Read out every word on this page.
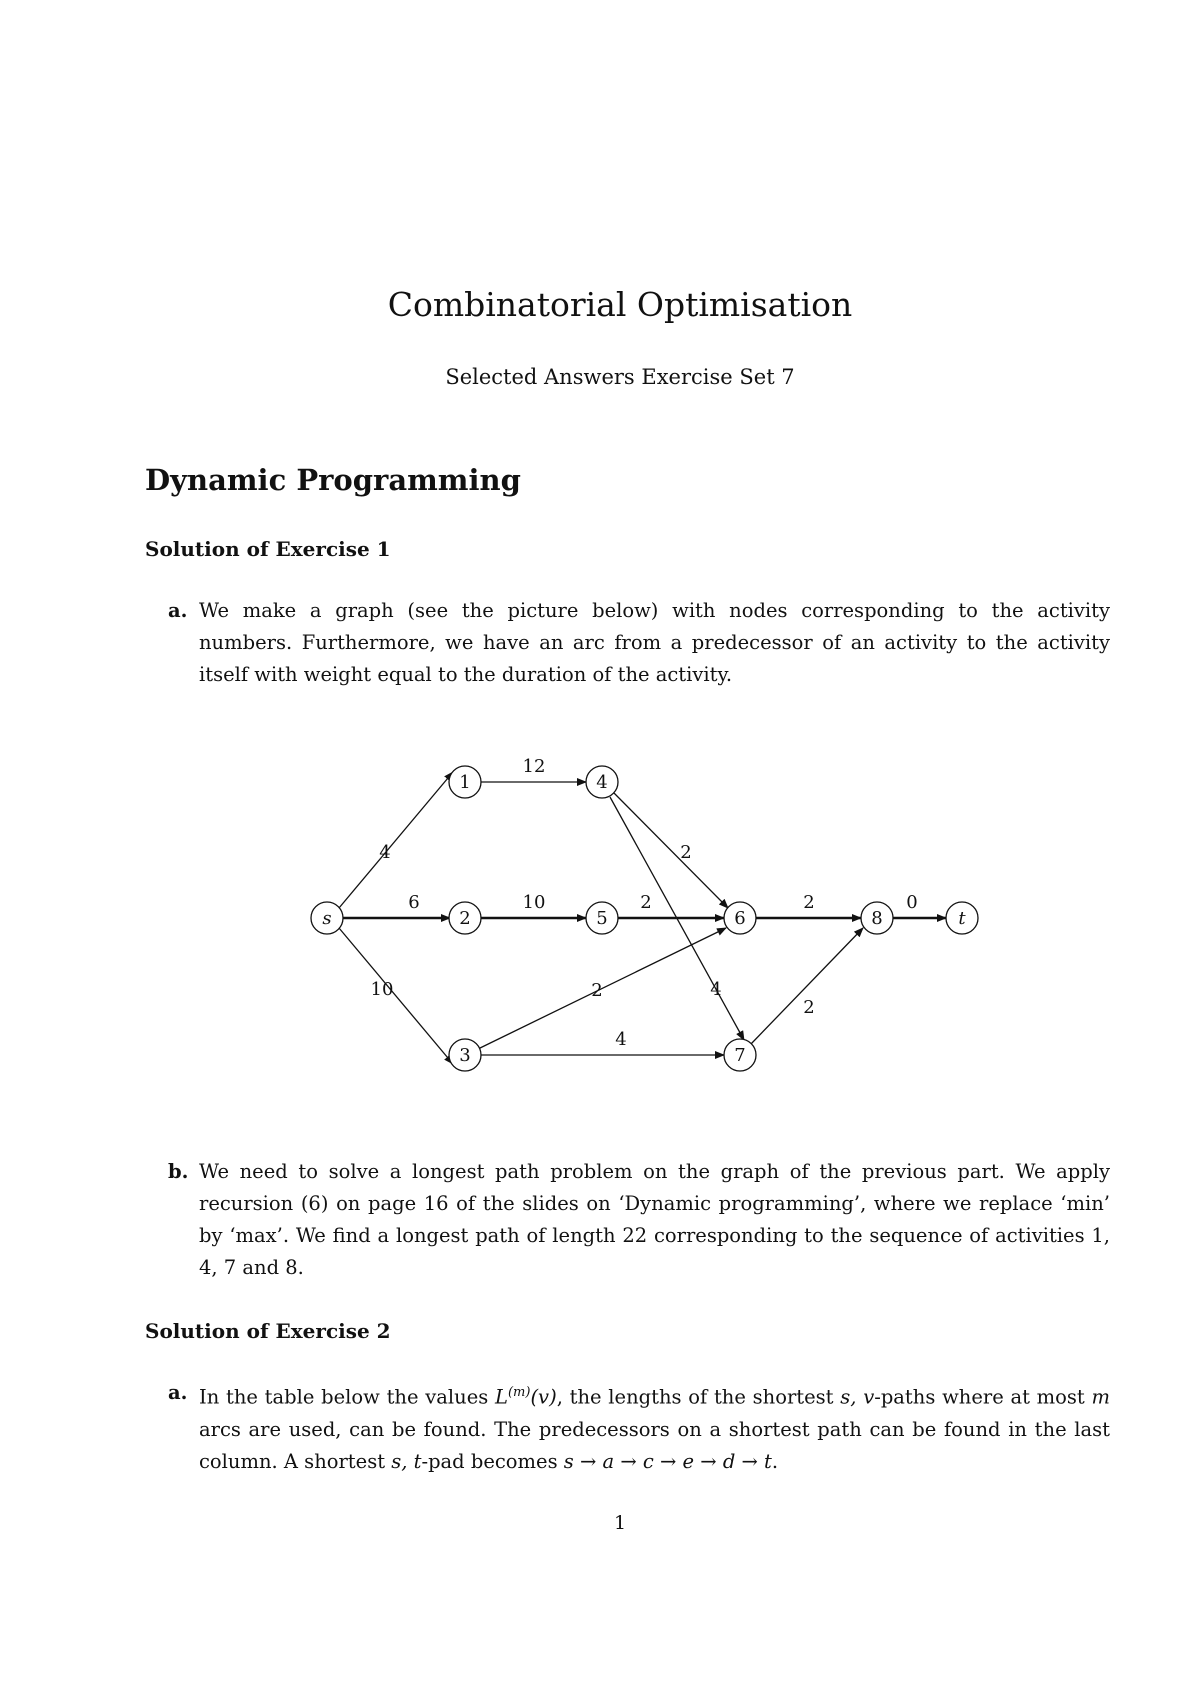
Combinatorial Optimisation
Selected Answers Exercise Set 7
Dynamic Programming
Solution of Exercise 1
a. We make a graph (see the picture below) with nodes corresponding to the activity numbers. Furthermore, we have an arc from a predecessor of an activity to the activity itself with weight equal to the duration of the activity.
s
1
2
3
4
5	6
7
8	t
4
6
10
12
10	2
2
4
2
4
2
2
0
b. We need to solve a longest path problem on the graph of the previous part. We apply recursion (6) on page 16 of the slides on ‘Dynamic programming’, where we replace ‘min’ by ‘max’. We find a longest path of length 22 corresponding to the sequence of activities 1, 4, 7 and 8.
Solution of Exercise 2
a. In the table below the values $L^{(m)}(v)$, the lengths of the shortest s, v-paths where at most m arcs are used, can be found. The predecessors on a shortest path can be found in the last column. A shortest s, t-pad becomes s → a → c → e → d → t.
1
